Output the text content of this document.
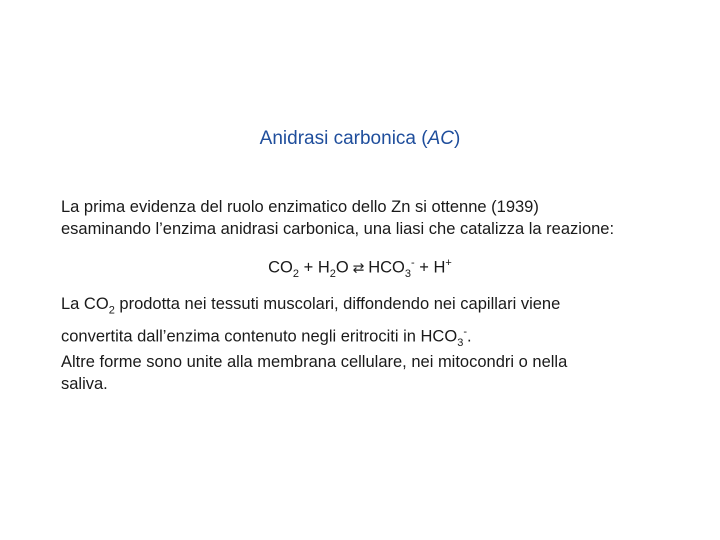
Anidrasi carbonica (AC)

La prima evidenza del ruolo enzimatico dello Zn si ottenne (1939)
esaminando l’enzima anidrasi carbonica, una liasi che catalizza la reazione:

$CO_2 + H_2O$ ⇄ $HCO_3^- + H^+$

La $CO_2$ prodotta nei tessuti muscolari, diffondendo nei capillari viene
convertita dall’enzima contenuto negli eritrociti in $HCO_3^-$.

Altre forme sono unite alla membrana cellulare, nei mitocondri o nella
saliva.
